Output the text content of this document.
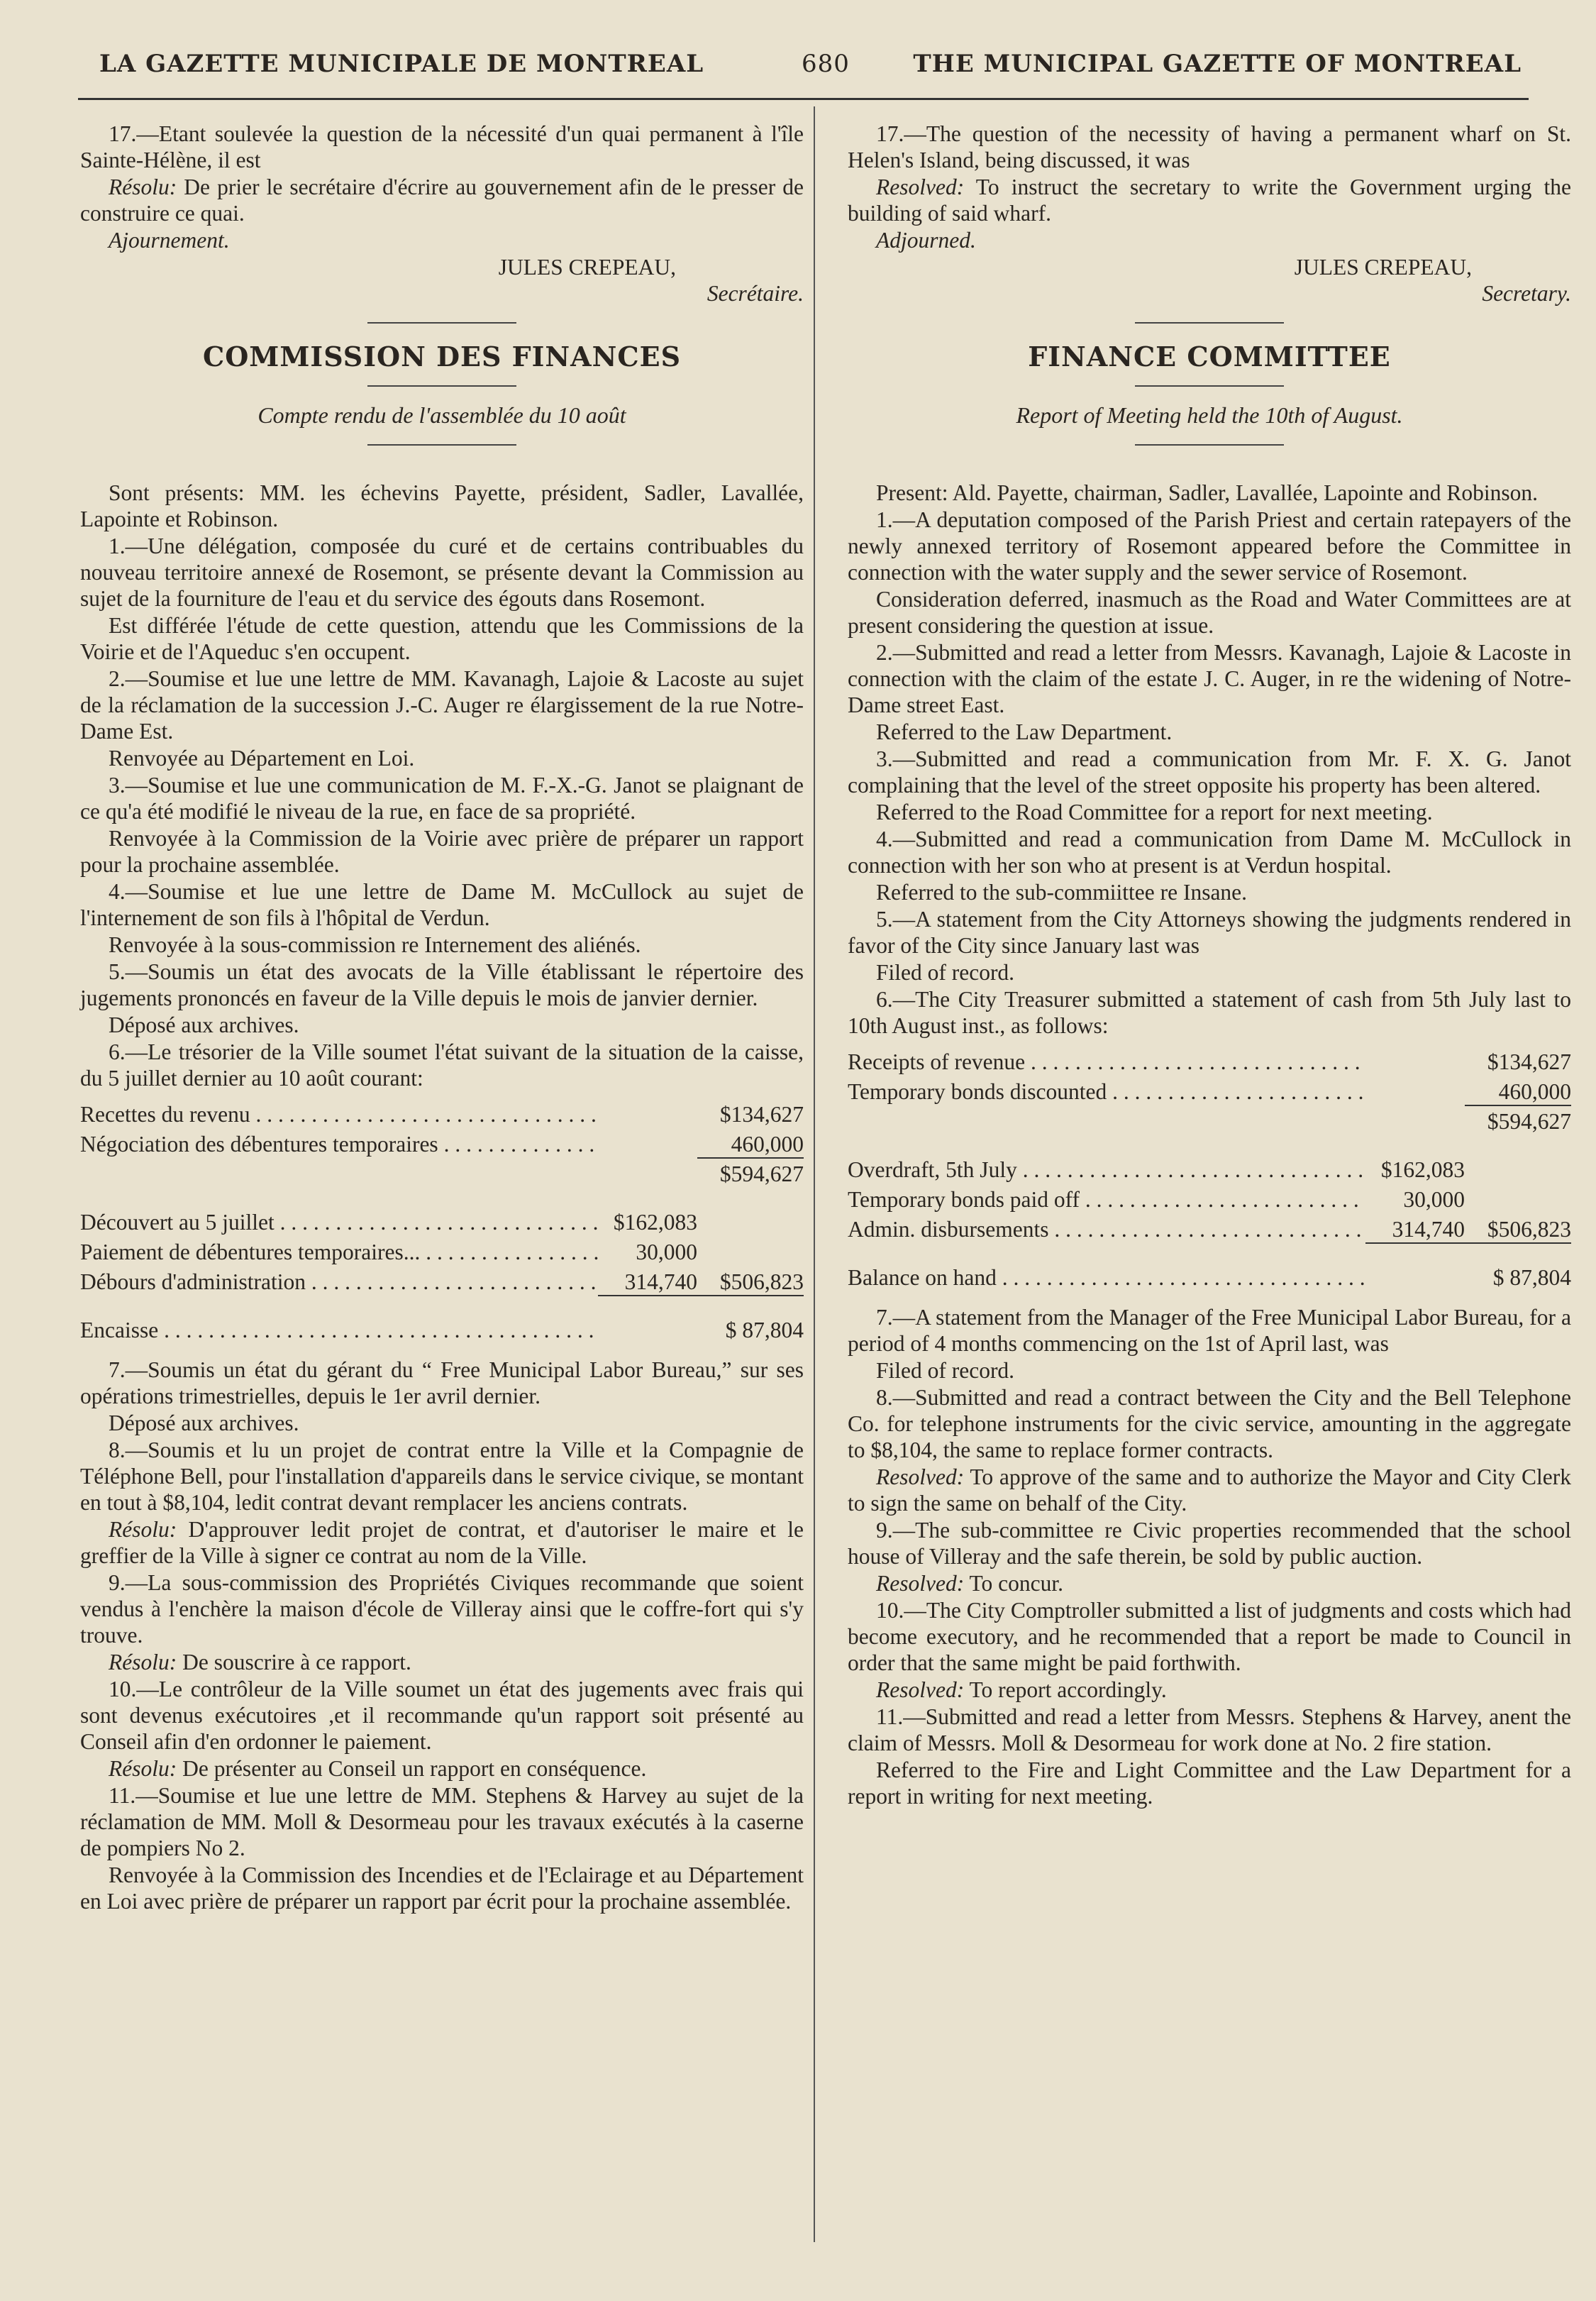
LA GAZETTE MUNICIPALE DE MONTREAL	680	THE MUNICIPAL GAZETTE OF MONTREAL

17.—Etant soulevée la question de la nécessité d'un quai permanent à l'île Sainte-Hélène, il est

Résolu: De prier le secrétaire d'écrire au gouvernement afin de le presser de construire ce quai.

Ajournement.

JULES CREPEAU,
Secrétaire.
COMMISSION DES FINANCES
Compte rendu de l'assemblée du 10 août

Sont présents: MM. les échevins Payette, président, Sadler, Lavallée, Lapointe et Robinson.

1.—Une délégation, composée du curé et de certains contribuables du nouveau territoire annexé de Rosemont, se présente devant la Commission au sujet de la fourniture de l'eau et du service des égouts dans Rosemont.

Est différée l'étude de cette question, attendu que les Commissions de la Voirie et de l'Aqueduc s'en occupent.

2.—Soumise et lue une lettre de MM. Kavanagh, Lajoie & Lacoste au sujet de la réclamation de la succession J.-C. Auger re élargissement de la rue Notre-Dame Est.

Renvoyée au Département en Loi.

3.—Soumise et lue une communication de M. F.-X.-G. Janot se plaignant de ce qu'a été modifié le niveau de la rue, en face de sa propriété.

Renvoyée à la Commission de la Voirie avec prière de préparer un rapport pour la prochaine assemblée.

4.—Soumise et lue une lettre de Dame M. McCullock au sujet de l'internement de son fils à l'hôpital de Verdun.

Renvoyée à la sous-commission re Internement des aliénés.

5.—Soumis un état des avocats de la Ville établissant le répertoire des jugements prononcés en faveur de la Ville depuis le mois de janvier dernier.

Déposé aux archives.

6.—Le trésorier de la Ville soumet l'état suivant de la situation de la caisse, du 5 juillet dernier au 10 août courant:

Recettes du revenu . . .	$134,627
Négociation des débentures temporaires . . .	460,000
$594,627
Découvert au 5 juillet . . .	$162,083
Paiement de débentures temporaires... . . .	30,000
Débours d'administration . . .	314,740	$506,823
Encaisse . . .	$ 87,804

7.—Soumis un état du gérant du “ Free Municipal Labor Bureau,” sur ses opérations trimestrielles, depuis le 1er avril dernier.

Déposé aux archives.

8.—Soumis et lu un projet de contrat entre la Ville et la Compagnie de Téléphone Bell, pour l'installation d'appareils dans le service civique, se montant en tout à $8,104, ledit contrat devant remplacer les anciens contrats.

Résolu: D'approuver ledit projet de contrat, et d'autoriser le maire et le greffier de la Ville à signer ce contrat au nom de la Ville.

9.—La sous-commission des Propriétés Civiques recommande que soient vendus à l'enchère la maison d'école de Villeray ainsi que le coffre-fort qui s'y trouve.

Résolu: De souscrire à ce rapport.

10.—Le contrôleur de la Ville soumet un état des jugements avec frais qui sont devenus exécutoires ,et il recommande qu'un rapport soit présenté au Conseil afin d'en ordonner le paiement.

Résolu: De présenter au Conseil un rapport en conséquence.

11.—Soumise et lue une lettre de MM. Stephens & Harvey au sujet de la réclamation de MM. Moll & Desormeau pour les travaux exécutés à la caserne de pompiers No 2.

Renvoyée à la Commission des Incendies et de l'Eclairage et au Département en Loi avec prière de préparer un rapport par écrit pour la prochaine assemblée.

17.—The question of the necessity of having a permanent wharf on St. Helen's Island, being discussed, it was

Resolved: To instruct the secretary to write the Government urging the building of said wharf.

Adjourned.

JULES CREPEAU,
Secretary.
FINANCE COMMITTEE
Report of Meeting held the 10th of August.

Present: Ald. Payette, chairman, Sadler, Lavallée, Lapointe and Robinson.

1.—A deputation composed of the Parish Priest and certain ratepayers of the newly annexed territory of Rosemont appeared before the Committee in connection with the water supply and the sewer service of Rosemont.

Consideration deferred, inasmuch as the Road and Water Committees are at present considering the question at issue.

2.—Submitted and read a letter from Messrs. Kavanagh, Lajoie & Lacoste in connection with the claim of the estate J. C. Auger, in re the widening of Notre-Dame street East.

Referred to the Law Department.

3.—Submitted and read a communication from Mr. F. X. G. Janot complaining that the level of the street opposite his property has been altered.

Referred to the Road Committee for a report for next meeting.

4.—Submitted and read a communication from Dame M. McCullock in connection with her son who at present is at Verdun hospital.

Referred to the sub-commiittee re Insane.

5.—A statement from the City Attorneys showing the judgments rendered in favor of the City since January last was

Filed of record.

6.—The City Treasurer submitted a statement of cash from 5th July last to 10th August inst., as follows:

Receipts of revenue . . .	$134,627
Temporary bonds discounted . . .	460,000
$594,627
Overdraft, 5th July . . .	$162,083
Temporary bonds paid off . . .	30,000
Admin. disbursements . . .	314,740	$506,823
Balance on hand . . .	$ 87,804

7.—A statement from the Manager of the Free Municipal Labor Bureau, for a period of 4 months commencing on the 1st of April last, was

Filed of record.

8.—Submitted and read a contract between the City and the Bell Telephone Co. for telephone instruments for the civic service, amounting in the aggregate to $8,104, the same to replace former contracts.

Resolved: To approve of the same and to authorize the Mayor and City Clerk to sign the same on behalf of the City.

9.—The sub-committee re Civic properties recommended that the school house of Villeray and the safe therein, be sold by public auction.

Resolved: To concur.

10.—The City Comptroller submitted a list of judgments and costs which had become executory, and he recommended that a report be made to Council in order that the same might be paid forthwith.

Resolved: To report accordingly.

11.—Submitted and read a letter from Messrs. Stephens & Harvey, anent the claim of Messrs. Moll & Desormeau for work done at No. 2 fire station.

Referred to the Fire and Light Committee and the Law Department for a report in writing for next meeting.
